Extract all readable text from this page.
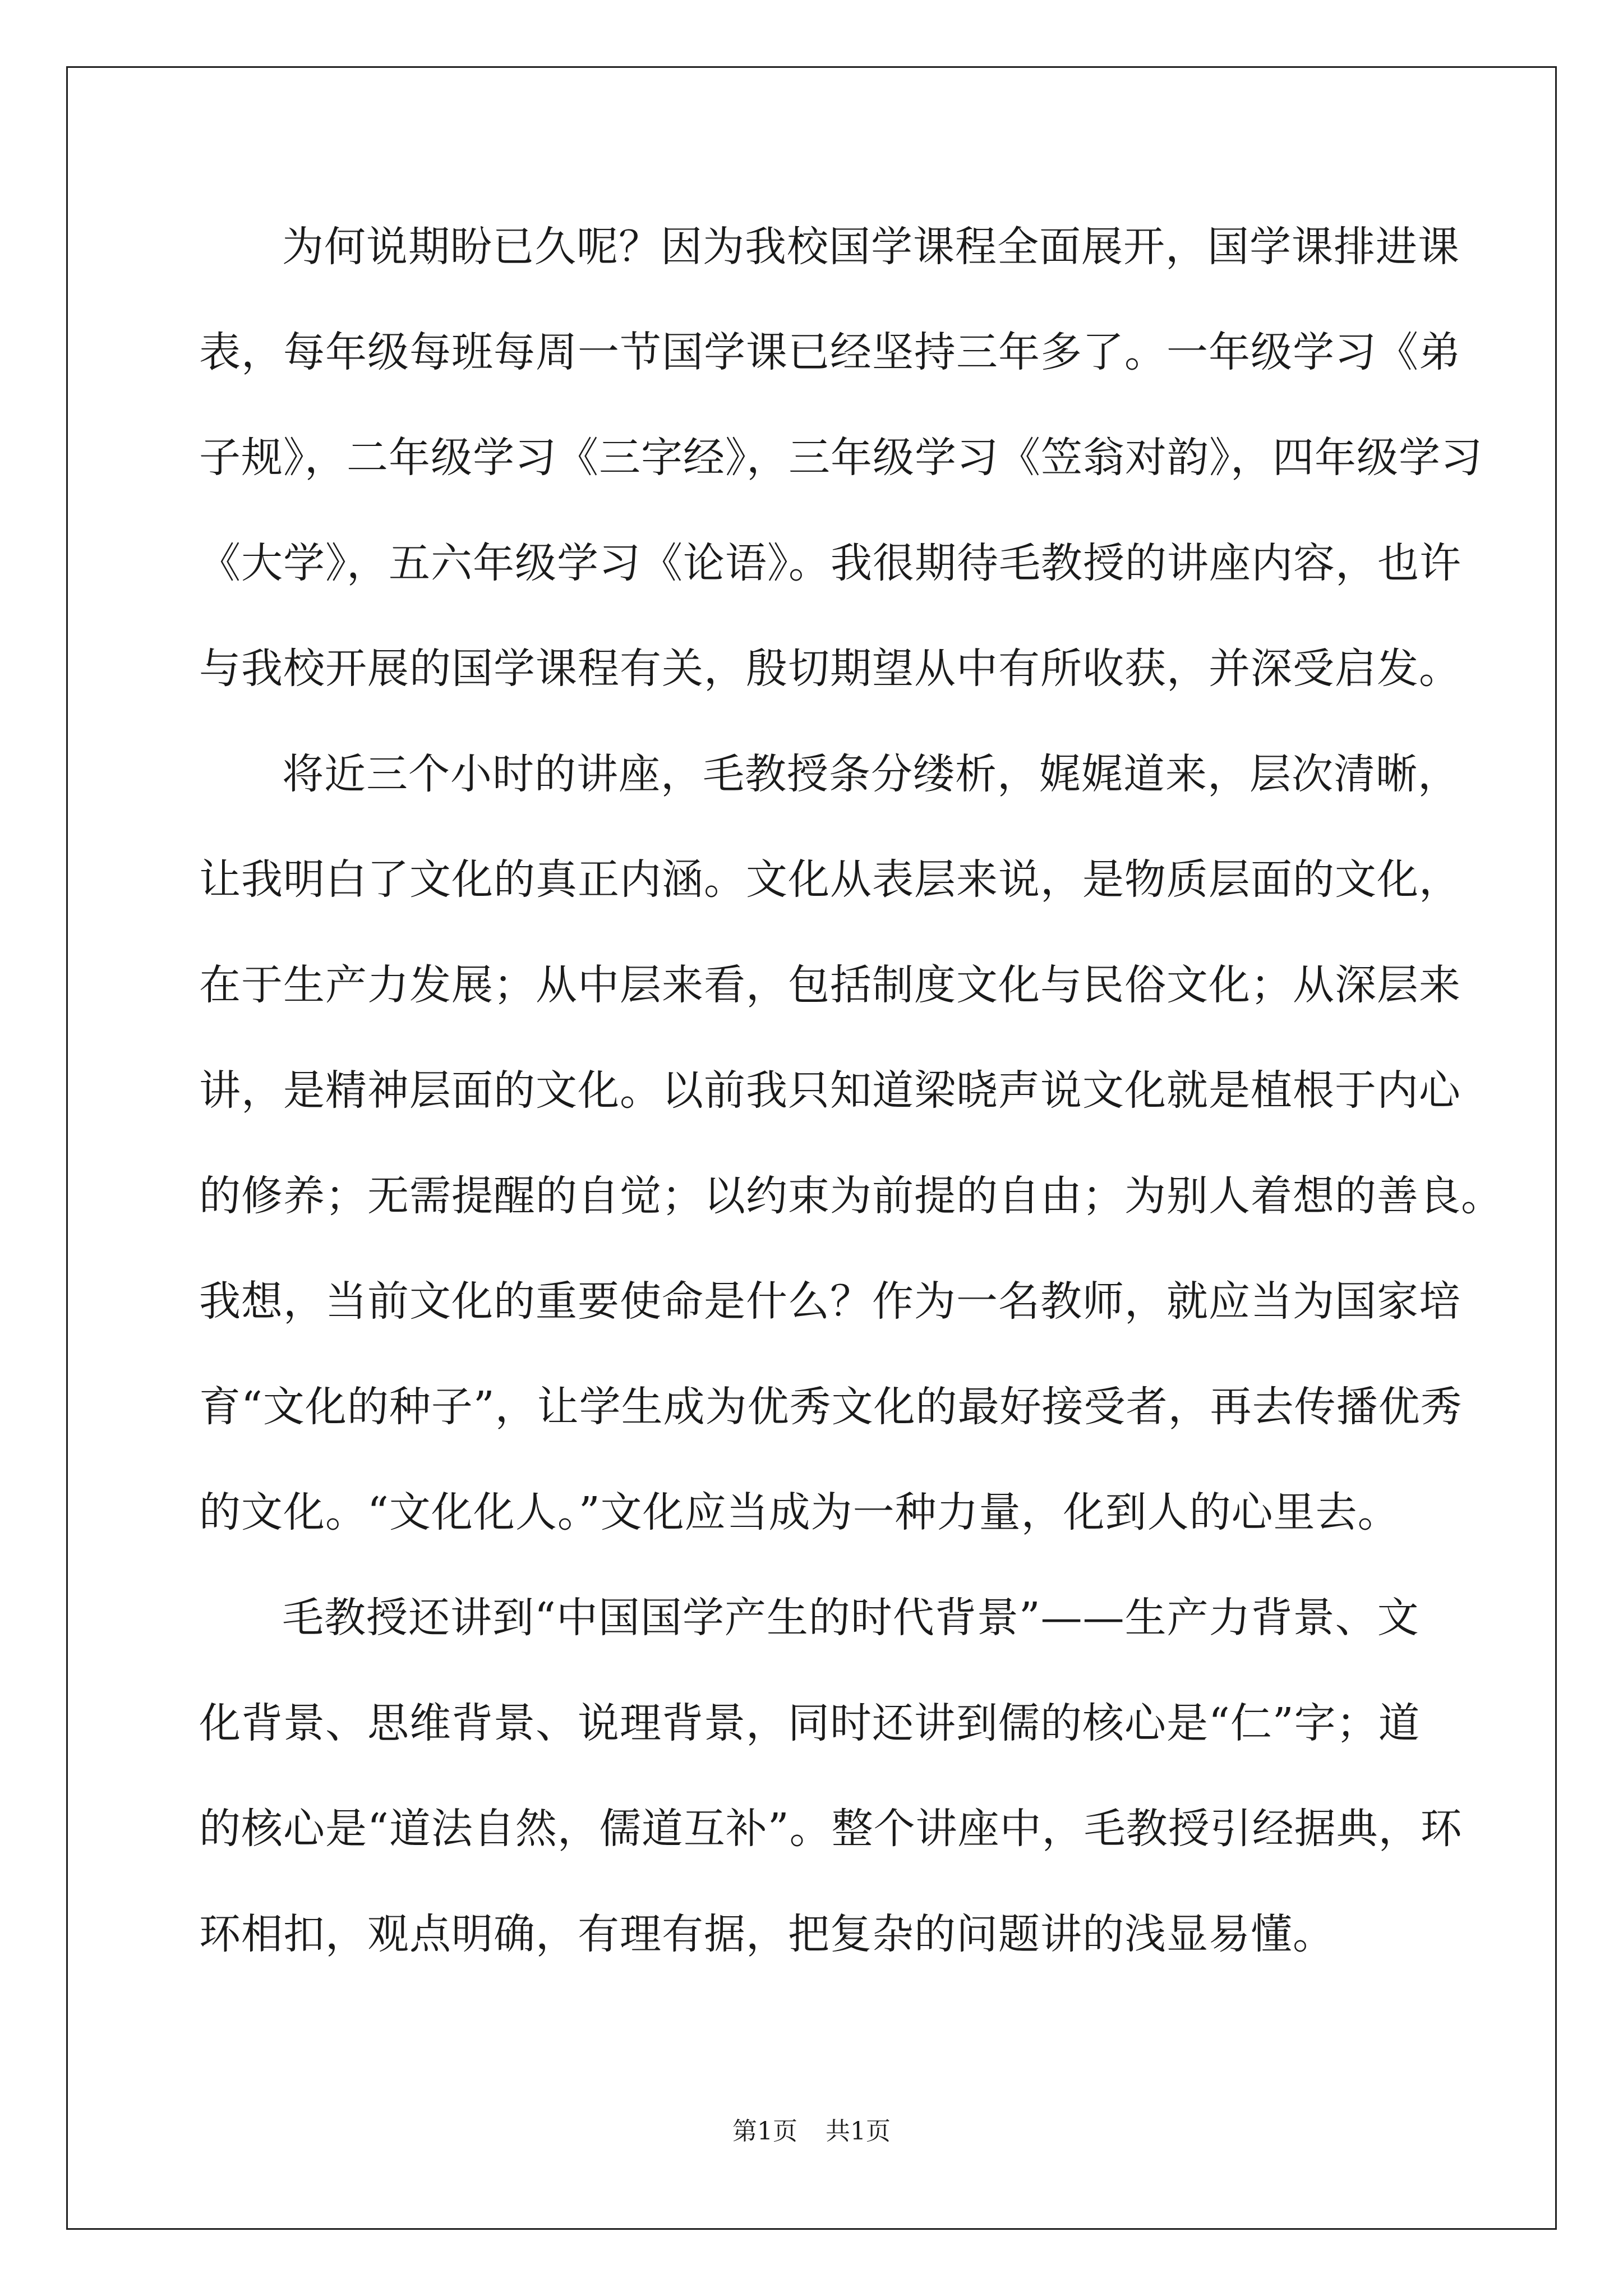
为何说期盼已久呢？因为我校国学课程全面展开，国学课排进课
表，每年级每班每周一节国学课已经坚持三年多了。一年级学习《弟
子规》，二年级学习《三字经》，三年级学习《笠翁对韵》，四年级学习
《大学》，五六年级学习《论语》。我很期待毛教授的讲座内容，也许
与我校开展的国学课程有关，殷切期望从中有所收获，并深受启发。
将近三个小时的讲座，毛教授条分缕析，娓娓道来，层次清晰，
让我明白了文化的真正内涵。文化从表层来说，是物质层面的文化，
在于生产力发展；从中层来看，包括制度文化与民俗文化；从深层来
讲，是精神层面的文化。以前我只知道梁晓声说文化就是植根于内心
的修养；无需提醒的自觉；以约束为前提的自由；为别人着想的善良。
我想，当前文化的重要使命是什么？作为一名教师，就应当为国家培
育“文化的种子”，让学生成为优秀文化的最好接受者，再去传播优秀
的文化。“文化化人。”文化应当成为一种力量，化到人的心里去。
毛教授还讲到“中国国学产生的时代背景”——生产力背景、文
化背景、思维背景、说理背景，同时还讲到儒的核心是“仁”字；道
的核心是“道法自然，儒道互补”。整个讲座中，毛教授引经据典，环
环相扣，观点明确，有理有据，把复杂的问题讲的浅显易懂。
第1页 共1页
